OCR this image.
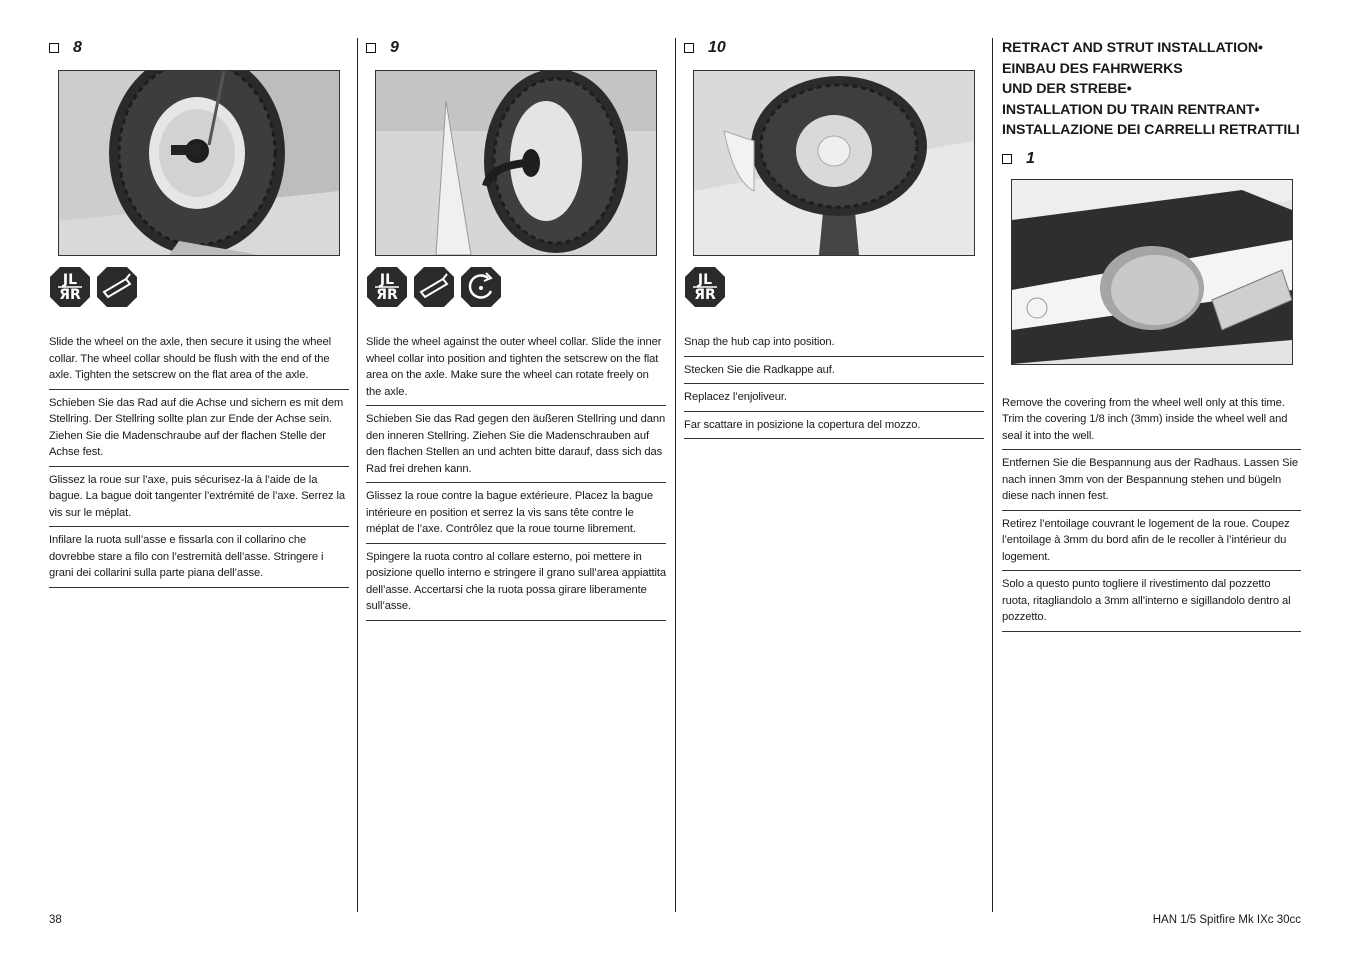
8
JL
ЯR
Slide the wheel on the axle, then secure it using the wheel collar. The wheel collar should be flush with the end of the axle. Tighten the setscrew on the flat area of the axle.
Schieben Sie das Rad auf die Achse und sichern es mit dem Stellring. Der Stellring sollte plan zur Ende der Achse sein. Ziehen Sie die Madenschraube auf der flachen Stelle der Achse fest.
Glissez la roue sur l’axe, puis sécurisez-la à l’aide de la bague. La bague doit tangenter l’extrémité de l’axe. Serrez la vis sur le méplat.
Infilare la ruota sull’asse e fissarla con il collarino che dovrebbe stare a filo con l’estremità dell’asse. Stringere i grani dei collarini sulla parte piana dell’asse.
9
JL
ЯR
Slide the wheel against the outer wheel collar. Slide the inner wheel collar into position and tighten the setscrew on the flat area on the axle. Make sure the wheel can rotate freely on the axle.
Schieben Sie das Rad gegen den äußeren Stellring und dann den inneren Stellring. Ziehen Sie die Madenschrauben auf den flachen Stellen an und achten bitte darauf, dass sich das Rad frei drehen kann.
Glissez la roue contre la bague extérieure. Placez la bague intérieure en position et serrez la vis sans tête contre le méplat de l’axe. Contrôlez que la roue tourne librement.
Spingere la ruota contro al collare esterno, poi mettere in posizione quello interno e stringere il grano sull’area appiattita dell’asse. Accertarsi che la ruota possa girare liberamente sull’asse.
10
JL
ЯR
Snap the hub cap into position.
Stecken Sie die Radkappe auf.
Replacez l’enjoliveur.
Far scattare in posizione la copertura del mozzo.
RETRACT AND STRUT INSTALLATION•
EINBAU DES FAHRWERKS
UND DER STREBE•
INSTALLATION DU TRAIN RENTRANT•
INSTALLAZIONE DEI CARRELLI RETRATTILI
1
Remove the covering from the wheel well only at this time. Trim the covering 1/8 inch (3mm) inside the wheel well and seal it into the well.
Entfernen Sie die Bespannung aus der Radhaus. Lassen Sie nach innen 3mm von der Bespannung stehen und bügeln diese nach innen fest.
Retirez l’entoilage couvrant le logement de la roue. Coupez l’entoilage à 3mm du bord afin de le recoller à l’intérieur du logement.
Solo a questo punto togliere il rivestimento dal pozzetto ruota, ritagliandolo a 3mm all’interno e sigillandolo dentro al pozzetto.
38	HAN 1/5 Spitfire Mk IXc 30cc
